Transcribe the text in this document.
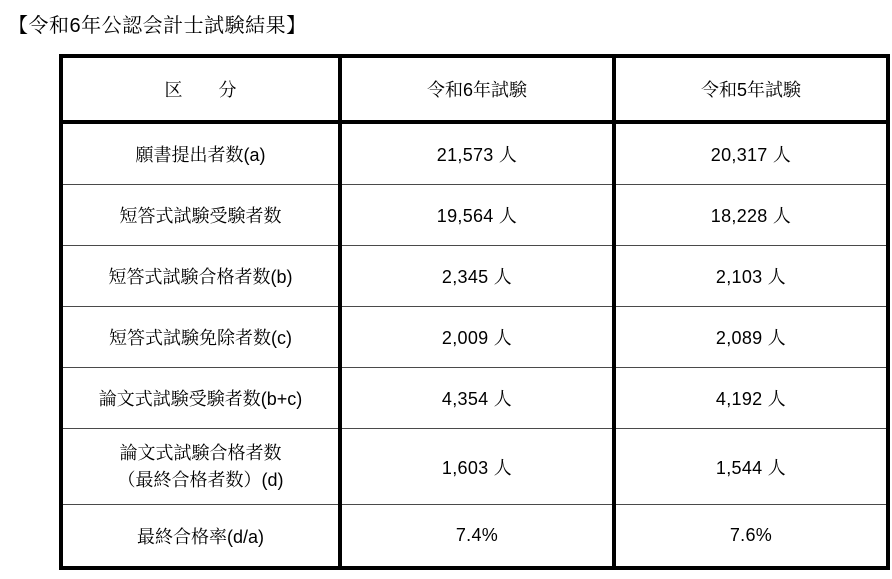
【令和6年公認会計士試験結果】
区　　分	令和6年試験	令和5年試験
願書提出者数(a)	21,573 人	20,317 人
短答式試験受験者数	19,564 人	18,228 人
短答式試験合格者数(b)	2,345 人	2,103 人
短答式試験免除者数(c)	2,009 人	2,089 人
論文式試験受験者数(b+c)	4,354 人	4,192 人

論文式試験合格者数
（最終合格者数）(d)	1,603 人	1,544 人
最終合格率(d/a)	7.4%	7.6%
